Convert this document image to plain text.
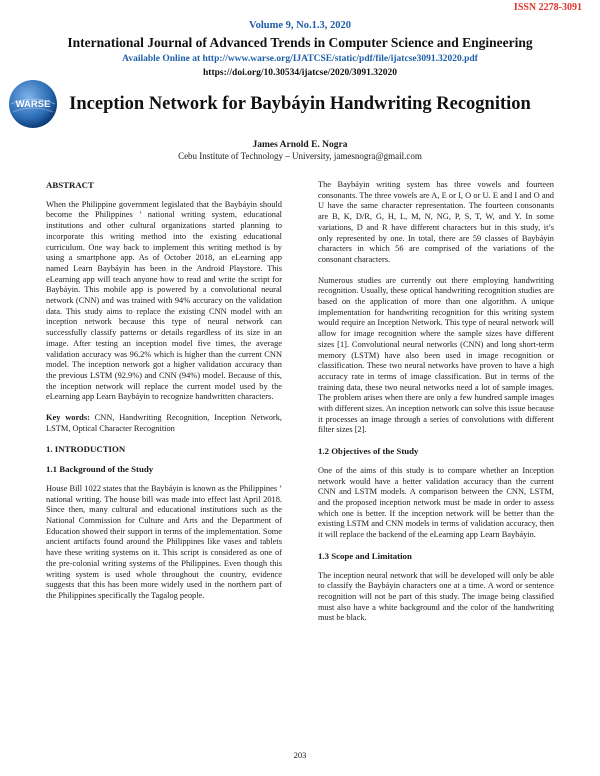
ISSN 2278-3091
Volume 9, No.1.3, 2020
International Journal of Advanced Trends in Computer Science and Engineering
Available Online at http://www.warse.org/IJATCSE/static/pdf/file/ijatcse3091.32020.pdf
https://doi.org/10.30534/ijatcse/2020/3091.32020
WARSE	Inception Network for Baybáyin Handwriting Recognition
James Arnold E. Nogra
Cebu Institute of Technology – University, jamesnogra@gmail.com
ABSTRACT

When the Philippine government legislated that the Baybáyin should become the Philippines ’ national writing system, educational institutions and other cultural organizations started planning to incorporate this writing method into the existing educational curriculum. One way back to implement this writing method is by using a smartphone app. As of October 2018, an eLearning app named Learn Baybáyin has been in the Android Playstore. This eLearning app will teach anyone how to read and write the script for Baybáyin. This mobile app is powered by a convolutional neural network (CNN) and was trained with 94% accuracy on the validation data. This study aims to replace the existing CNN model with an inception network because this type of neural network can successfully classify patterns or details regardless of its size in an image. After testing an inception model five times, the average validation accuracy was 96.2% which is higher than the current CNN model. The inception network got a higher validation accuracy than the previous LSTM (92.9%) and CNN (94%) model. Because of this, the inception network will replace the current model used by the eLearning app Learn Baybáyin to recognize handwritten characters.

Key words: CNN, Handwriting Recognition, Inception Network, LSTM, Optical Character Recognition

1. INTRODUCTION
1.1 Background of the Study

House Bill 1022 states that the Baybáyin is known as the Philippines ’ national writing. The house bill was made into effect last April 2018. Since then, many cultural and educational institutions such as the National Commission for Culture and Arts and the Department of Education showed their support in terms of the implementation. Some ancient artifacts found around the Philippines like vases and tablets have these writing systems on it. This script is considered as one of the pre-colonial writing systems of the Philippines. Even though this writing system is used whole throughout the country, evidence suggests that this has been more widely used in the northern part of the Philippines specifically the Tagalog people.

The Baybáyin writing system has three vowels and fourteen consonants. The three vowels are A, E or I, O or U. E and I and O and U have the same character representation. The fourteen consonants are B, K, D/R, G, H, L, M, N, NG, P, S, T, W, and Y. In some variations, D and R have different characters but in this study, it’s only represented by one. In total, there are 59 classes of Baybáyin characters in which 56 are comprised of the variations of the consonant characters.

Numerous studies are currently out there employing handwriting recognition. Usually, these optical handwriting recognition studies are based on the application of more than one algorithm. A unique implementation for handwriting recognition for this writing system would require an Inception Network. This type of neural network will allow for image recognition where the sample sizes have different sizes [1]. Convolutional neural networks (CNN) and long short-term memory (LSTM) have also been used in image recognition or classification. These two neural networks have proven to have a high accuracy rate in terms of image classification. But in terms of the training data, these two neural networks need a lot of sample images. The problem arises when there are only a few hundred sample images with different sizes. An inception network can solve this issue because it processes an image through a series of convolutions with different filter sizes [2].

1.2 Objectives of the Study

One of the aims of this study is to compare whether an Inception network would have a better validation accuracy than the current CNN and LSTM models. A comparison between the CNN, LSTM, and the proposed inception network must be made in order to assess which one is better. If the inception network will be better than the existing LSTM and CNN models in terms of validation accuracy, then it will replace the backend of the eLearning app Learn Baybáyin.

1.3 Scope and Limitation

The inception neural network that will be developed will only be able to classify the Baybáyin characters one at a time. A word or sentence recognition will not be part of this study. The image being classified must also have a white background and the color of the handwriting must be black.

203
